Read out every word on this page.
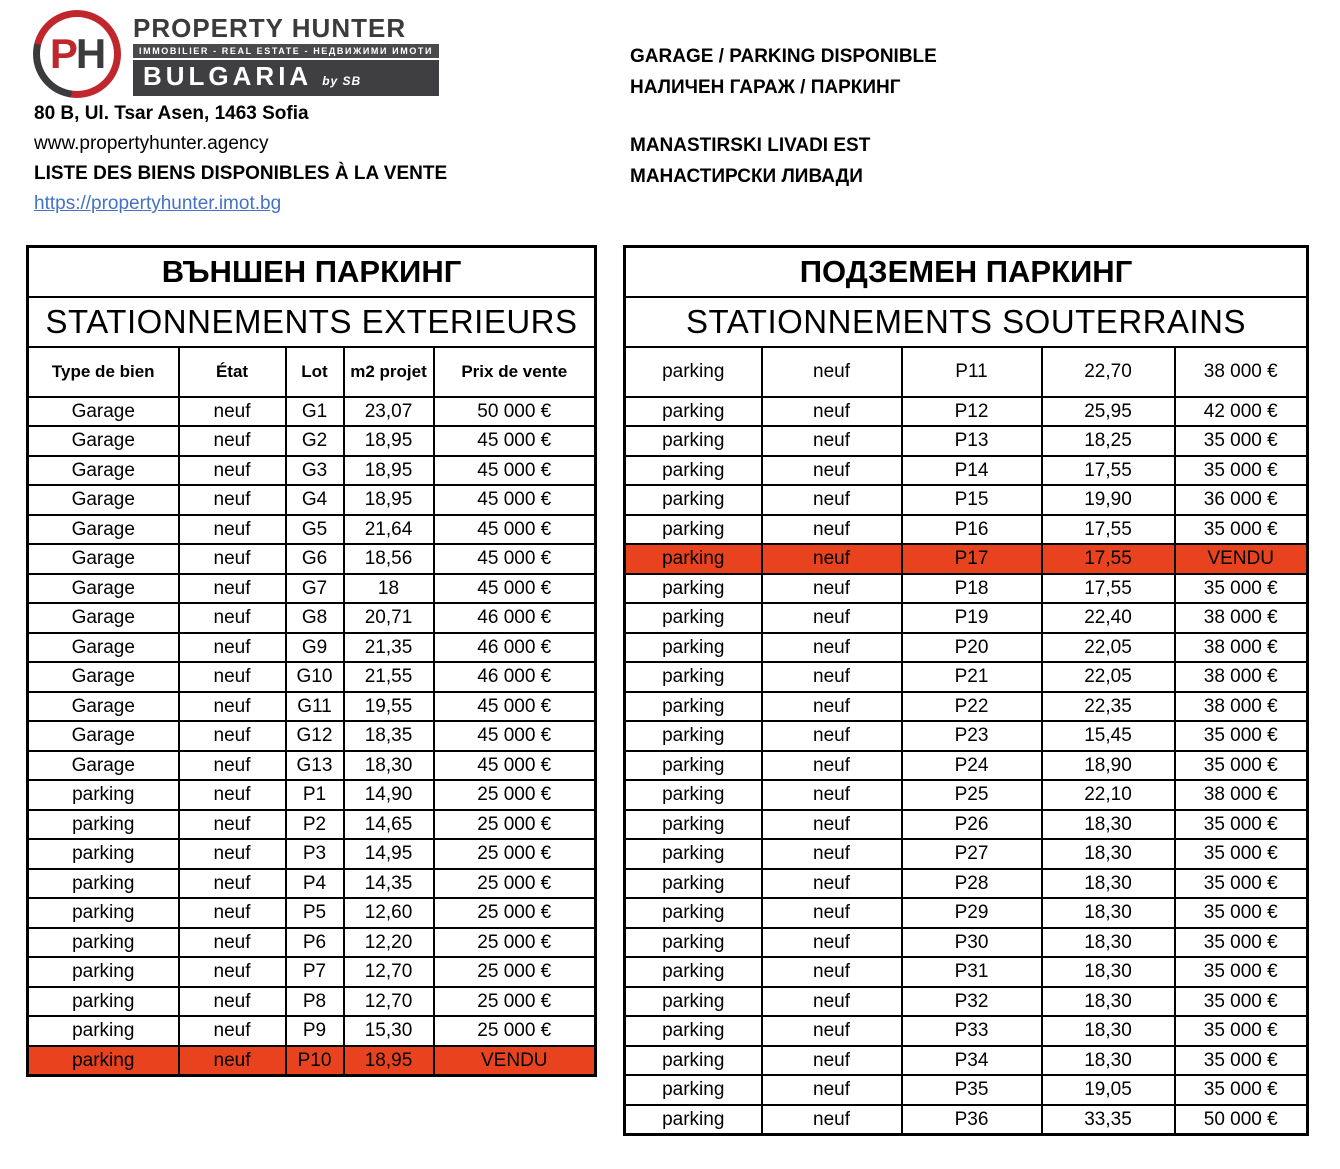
P H
PROPERTY HUNTER
IMMOBILIER - REAL ESTATE - НЕДВИЖИМИ ИМОТИ
BULGARIA by SB
80 B, Ul. Tsar Asen, 1463 Sofia
www.propertyhunter.agency
LISTE DES BIENS DISPONIBLES À LA VENTE
https://propertyhunter.imot.bg
GARAGE / PARKING DISPONIBLE
НАЛИЧЕН ГАРАЖ / ПАРКИНГ
MANASTIRSKI LIVADI EST
МАНАСТИРСКИ ЛИВАДИ
ВЪНШЕН ПАРКИНГ				
STATIONNEMENTS EXTERIEURS				
Type de bien	État	Lot	m2 projet	Prix de vente
Garage	neuf	G1	23,07	50 000 €
Garage	neuf	G2	18,95	45 000 €
Garage	neuf	G3	18,95	45 000 €
Garage	neuf	G4	18,95	45 000 €
Garage	neuf	G5	21,64	45 000 €
Garage	neuf	G6	18,56	45 000 €
Garage	neuf	G7	18	45 000 €
Garage	neuf	G8	20,71	46 000 €
Garage	neuf	G9	21,35	46 000 €
Garage	neuf	G10	21,55	46 000 €
Garage	neuf	G11	19,55	45 000 €
Garage	neuf	G12	18,35	45 000 €
Garage	neuf	G13	18,30	45 000 €
parking	neuf	P1	14,90	25 000 €
parking	neuf	P2	14,65	25 000 €
parking	neuf	P3	14,95	25 000 €
parking	neuf	P4	14,35	25 000 €
parking	neuf	P5	12,60	25 000 €
parking	neuf	P6	12,20	25 000 €
parking	neuf	P7	12,70	25 000 €
parking	neuf	P8	12,70	25 000 €
parking	neuf	P9	15,30	25 000 €
parking	neuf	P10	18,95	VENDU
ПОДЗЕМЕН ПАРКИНГ				
STATIONNEMENTS SOUTERRAINS				
parking	neuf	P11	22,70	38 000 €
parking	neuf	P12	25,95	42 000 €
parking	neuf	P13	18,25	35 000 €
parking	neuf	P14	17,55	35 000 €
parking	neuf	P15	19,90	36 000 €
parking	neuf	P16	17,55	35 000 €
parking	neuf	P17	17,55	VENDU
parking	neuf	P18	17,55	35 000 €
parking	neuf	P19	22,40	38 000 €
parking	neuf	P20	22,05	38 000 €
parking	neuf	P21	22,05	38 000 €
parking	neuf	P22	22,35	38 000 €
parking	neuf	P23	15,45	35 000 €
parking	neuf	P24	18,90	35 000 €
parking	neuf	P25	22,10	38 000 €
parking	neuf	P26	18,30	35 000 €
parking	neuf	P27	18,30	35 000 €
parking	neuf	P28	18,30	35 000 €
parking	neuf	P29	18,30	35 000 €
parking	neuf	P30	18,30	35 000 €
parking	neuf	P31	18,30	35 000 €
parking	neuf	P32	18,30	35 000 €
parking	neuf	P33	18,30	35 000 €
parking	neuf	P34	18,30	35 000 €
parking	neuf	P35	19,05	35 000 €
parking	neuf	P36	33,35	50 000 €
